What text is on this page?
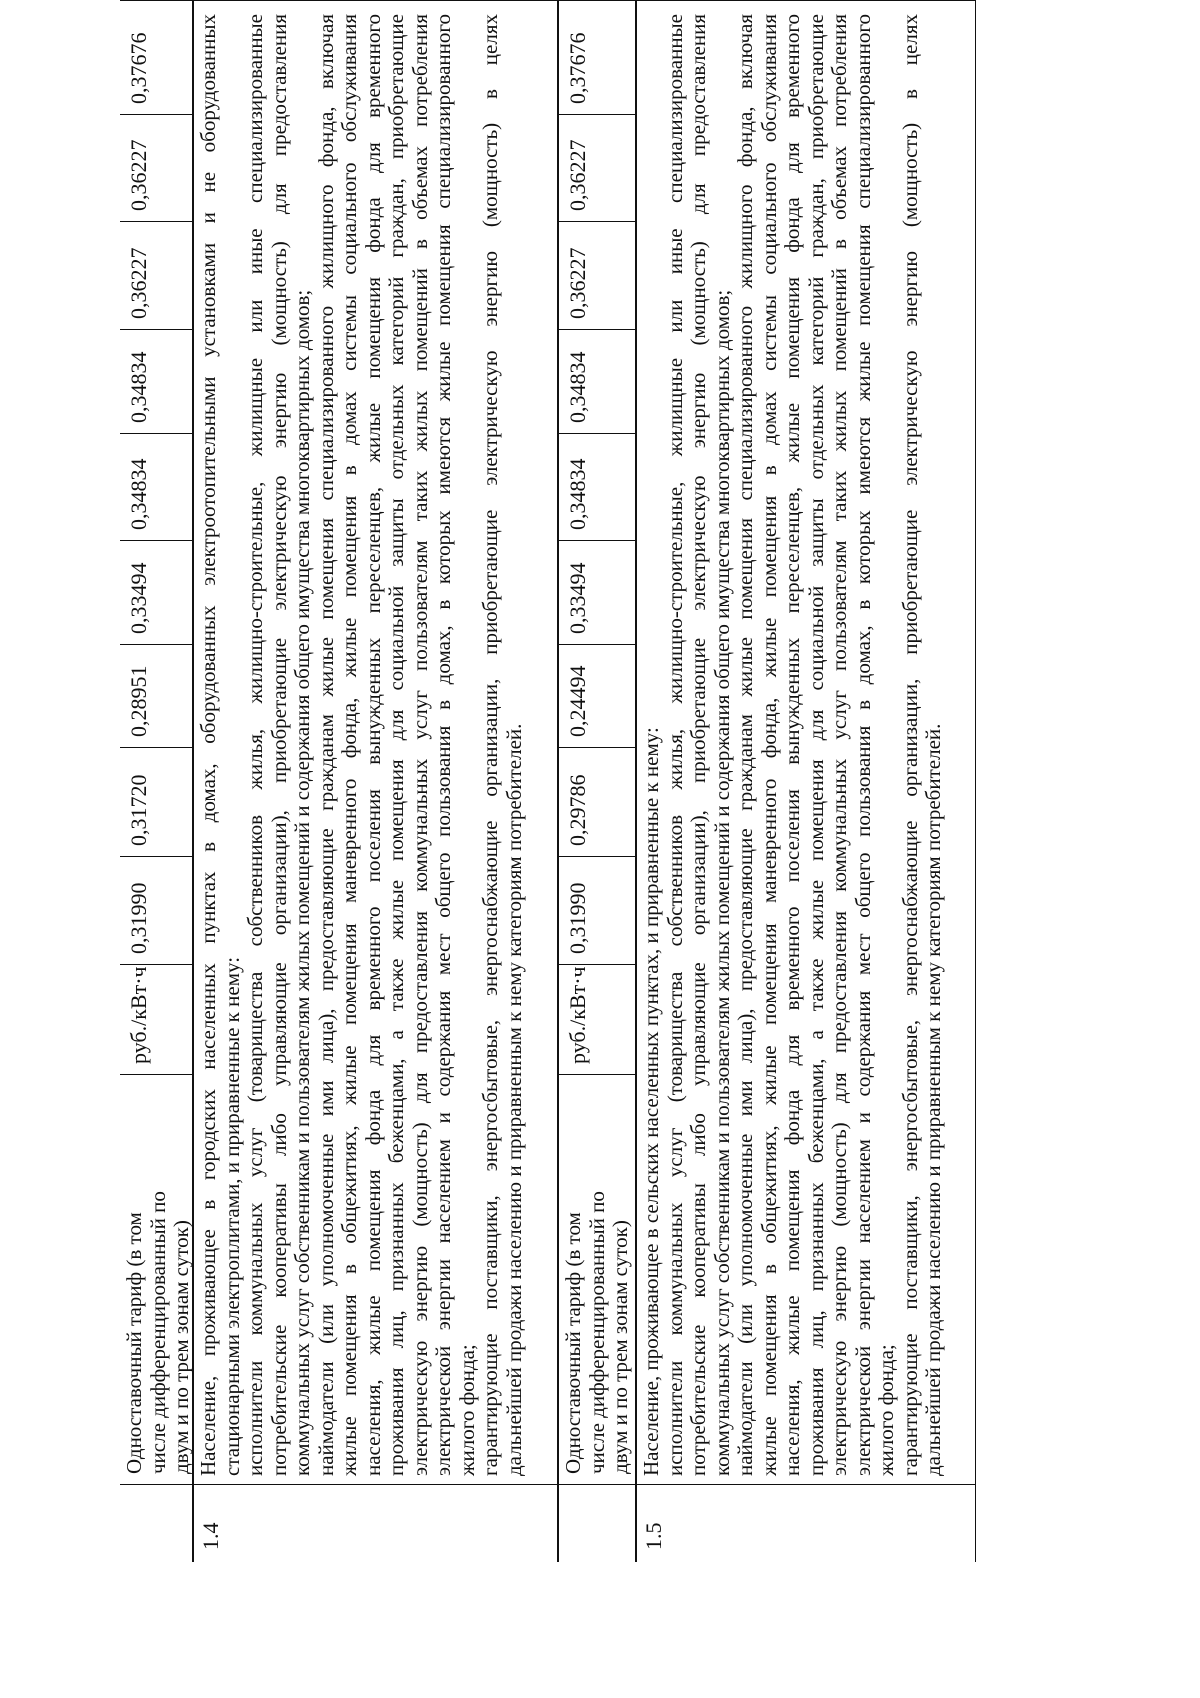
Одноставочный тариф (в том числе дифференцированный по двум и по трем зонам суток)
руб./кВт·ч
0,31990
0,31720
0,28951
0,33494
0,34834
0,34834
0,36227
0,36227
0,37676
1.4
Население, проживающее в городских населенных пунктах в домах, оборудованных электроотопительными установками и не оборудованных стационарными электроплитами, и приравненные к нему: исполнители коммунальных услуг (товарищества собственников жилья, жилищно-строительные, жилищные или иные специализированные потребительские кооперативы либо управляющие организации), приобретающие электрическую энергию (мощность) для предоставления коммунальных услуг собственникам и пользователям жилых помещений и содержания общего имущества многоквартирных домов; наймодатели (или уполномоченные ими лица), предоставляющие гражданам жилые помещения специализированного жилищного фонда, включая жилые помещения в общежитиях, жилые помещения маневренного фонда, жилые помещения в домах системы социального обслуживания населения, жилые помещения фонда для временного поселения вынужденных переселенцев, жилые помещения фонда для временного проживания лиц, признанных беженцами, а также жилые помещения для социальной защиты отдельных категорий граждан, приобретающие электрическую энергию (мощность) для предоставления коммунальных услуг пользователям таких жилых помещений в объемах потребления электрической энергии населением и содержания мест общего пользования в домах, в которых имеются жилые помещения специализированного жилого фонда; гарантирующие поставщики, энергосбытовые, энергоснабжающие организации, приобретающие электрическую энергию (мощность) в целях дальнейшей продажи населению и приравненным к нему категориям потребителей. Одноставочный тариф (в том числе дифференцированный по двум и по трем зонам суток)
руб./кВт·ч
0,31990
0,29786
0,24494
0,33494
0,34834
0,34834
0,36227
0,36227
0,37676
1.5
Население, проживающее в сельских населенных пунктах, и приравненные к нему: исполнители коммунальных услуг (товарищества собственников жилья, жилищно-строительные, жилищные или иные специализированные потребительские кооперативы либо управляющие организации), приобретающие электрическую энергию (мощность) для предоставления коммунальных услуг собственникам и пользователям жилых помещений и содержания общего имущества многоквартирных домов; наймодатели (или уполномоченные ими лица), предоставляющие гражданам жилые помещения специализированного жилищного фонда, включая жилые помещения в общежитиях, жилые помещения маневренного фонда, жилые помещения в домах системы социального обслуживания населения, жилые помещения фонда для временного поселения вынужденных переселенцев, жилые помещения фонда для временного проживания лиц, признанных беженцами, а также жилые помещения для социальной защиты отдельных категорий граждан, приобретающие электрическую энергию (мощность) для предоставления коммунальных услуг пользователям таких жилых помещений в объемах потребления электрической энергии населением и содержания мест общего пользования в домах, в которых имеются жилые помещения специализированного жилого фонда; гарантирующие поставщики, энергосбытовые, энергоснабжающие организации, приобретающие электрическую энергию (мощность) в целях дальнейшей продажи населению и приравненным к нему категориям потребителей.
